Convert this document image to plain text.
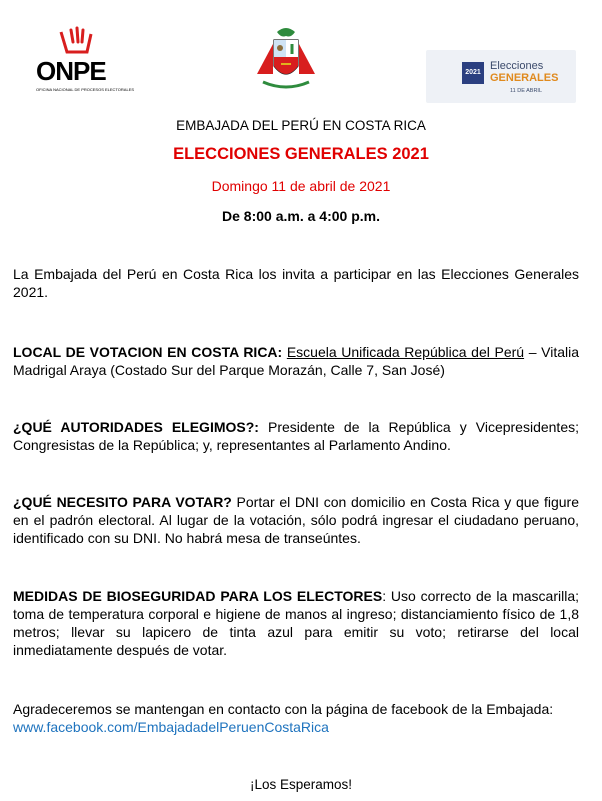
ONPE
OFICINA NACIONAL DE PROCESOS ELECTORALES
2021
Elecciones
GENERALES
11 DE ABRIL
EMBAJADA DEL PERÚ EN COSTA RICA
ELECCIONES GENERALES 2021
Domingo 11 de abril de 2021
De 8:00 a.m. a 4:00 p.m.
La Embajada del Perú en Costa Rica los invita a participar en las Elecciones Generales 2021.
LOCAL DE VOTACION EN COSTA RICA: Escuela Unificada República del Perú – Vitalia Madrigal Araya (Costado Sur del Parque Morazán, Calle 7, San José)
¿QUÉ AUTORIDADES ELEGIMOS?: Presidente de la República y Vicepresidentes; Congresistas de la República; y, representantes al Parlamento Andino.
¿QUÉ NECESITO PARA VOTAR? Portar el DNI con domicilio en Costa Rica y que figure en el padrón electoral. Al lugar de la votación, sólo podrá ingresar el ciudadano peruano, identificado con su DNI. No habrá mesa de transeúntes.
MEDIDAS DE BIOSEGURIDAD PARA LOS ELECTORES: Uso correcto de la mascarilla; toma de temperatura corporal e higiene de manos al ingreso; distanciamiento físico de 1,8 metros; llevar su lapicero de tinta azul para emitir su voto; retirarse del local inmediatamente después de votar.
Agradeceremos se mantengan en contacto con la página de facebook de la Embajada:
www.facebook.com/EmbajadadelPeruenCostaRica
¡Los Esperamos!
